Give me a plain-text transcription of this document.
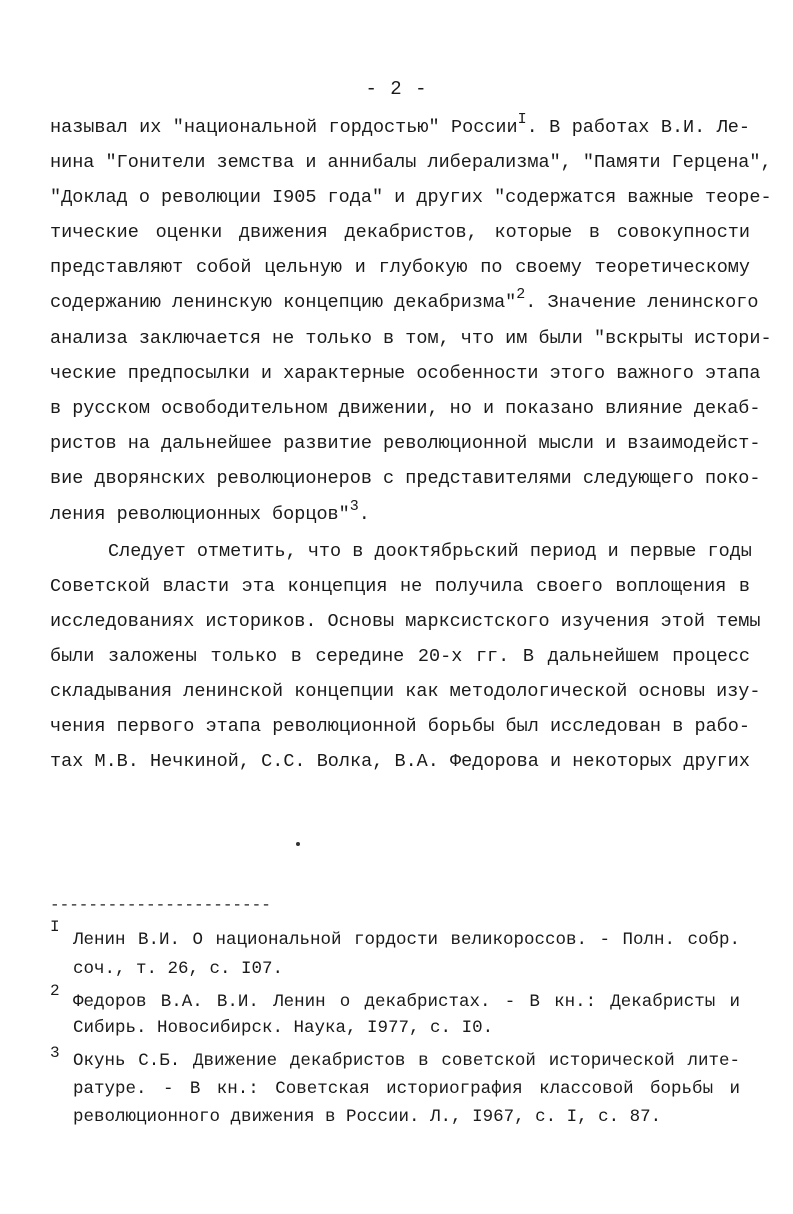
- 2 -
называл их "национальной гордостью" России$^I$. В работах В.И. Ле-
нина "Гонители земства и аннибалы либерализма", "Памяти Герцена",
"Доклад о революции I905 года" и других "содержатся важные теоре-
тические оценки движения декабристов, которые в совокупности
представляют собой цельную и глубокую по своему теоретическому
содержанию ленинскую концепцию декабризма"$^2$. Значение ленинского
анализа заключается не только в том, что им были "вскрыты истори-
ческие предпосылки и характерные особенности этого важного этапа
в русском освободительном движении, но и показано влияние декаб-
ристов на дальнейшее развитие революционной мысли и взаимодейст-
вие дворянских революционеров с представителями следующего поко-
ления революционных борцов"$^3$.
Следует отметить, что в дооктябрьский период и первые годы
Советской власти эта концепция не получила своего воплощения в
исследованиях историков. Основы марксистского изучения этой темы
были заложены только в середине 20-х гг. В дальнейшем процесс
складывания ленинской концепции как методологической основы изу-
чения первого этапа революционной борьбы был исследован в рабо-
тах М.В. Нечкиной, С.С. Волка, В.А. Федорова и некоторых других
-----------------------
I
Ленин В.И. О национальной гордости великороссов. - Полн. собр.
соч., т. 26, с. I07.
2
Федоров В.А. В.И. Ленин о декабристах. - В кн.: Декабристы и
Сибирь. Новосибирск. Наука, I977, с. I0.
3 Окунь С.Б. Движение декабристов в советской исторической лите-
ратуре. - В кн.: Советская историография классовой борьбы и
революционного движения в России. Л., I967, с. I, с. 87.
